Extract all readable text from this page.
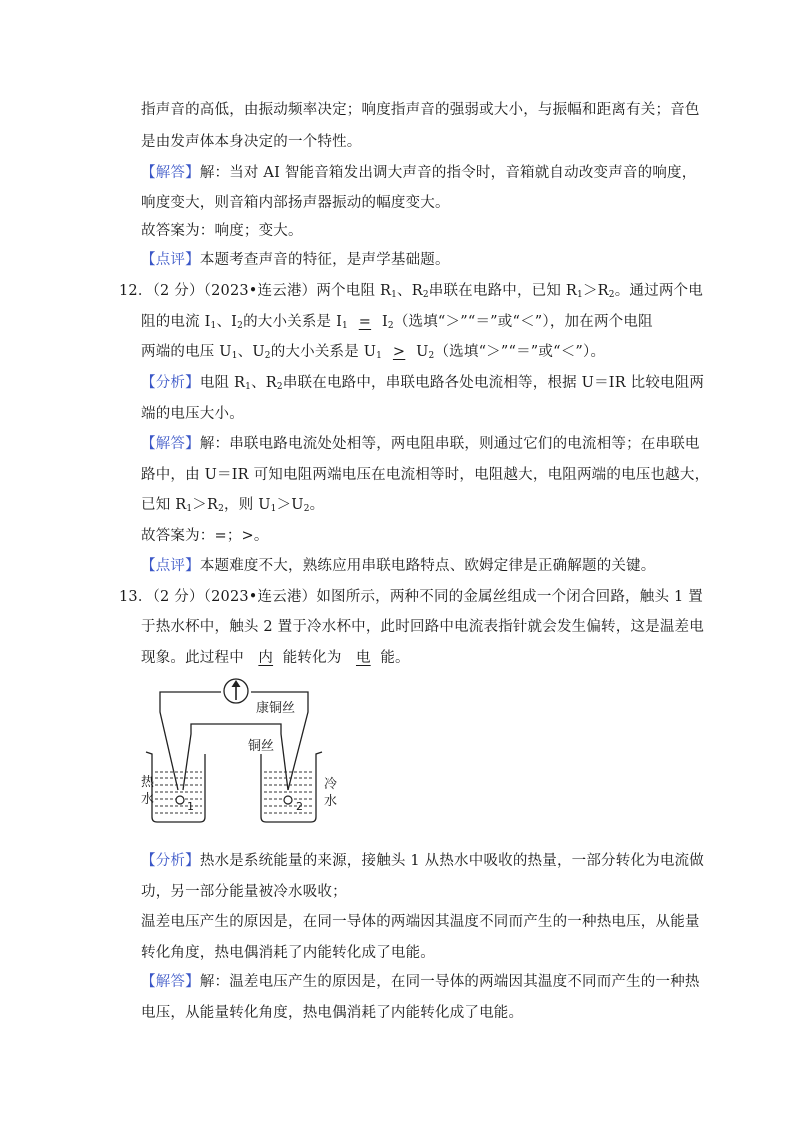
指声音的高低，由振动频率决定；响度指声音的强弱或大小，与振幅和距离有关；音色
是由发声体本身决定的一个特性。
【解答】解：当对 AI 智能音箱发出调大声音的指令时，音箱就自动改变声音的响度，
响度变大，则音箱内部扬声器振动的幅度变大。
故答案为：响度；变大。
【点评】本题考查声音的特征，是声学基础题。
12．（2 分）（2023•连云港）两个电阻 $R_1$、$R_2$串联在电路中，已知 $R_1>R_2$。通过两个电
阻的电流 $I_1$、$I_2$的大小关系是 $I_1 = I_2$（选填“＞”“＝”或“＜”），加在两个电阻
两端的电压 $U_1$、$U_2$的大小关系是 $U_1 > U_2$（选填“＞”“＝”或“＜”）。
【分析】电阻 $R_1$、$R_2$串联在电路中，串联电路各处电流相等，根据 U＝IR 比较电阻两
端的电压大小。
【解答】解：串联电路电流处处相等，两电阻串联，则通过它们的电流相等；在串联电
路中，由 U＝IR 可知电阻两端电压在电流相等时，电阻越大，电阻两端的电压也越大，
已知 $R_1>R_2$，则 $U_1>U_2$。
故答案为：=；>。
【点评】本题难度不大，熟练应用串联电路特点、欧姆定律是正确解题的关键。
13．（2 分）（2023•连云港）如图所示，两种不同的金属丝组成一个闭合回路，触头 1 置
于热水杯中，触头 2 置于冷水杯中，此时回路中电流表指针就会发生偏转，这是温差电
现象。此过程中 内 能转化为 电 能。
康铜丝
铜丝
热水
冷水
1	2
【分析】热水是系统能量的来源，接触头 1 从热水中吸收的热量，一部分转化为电流做
功，另一部分能量被冷水吸收；
温差电压产生的原因是，在同一导体的两端因其温度不同而产生的一种热电压，从能量
转化角度，热电偶消耗了内能转化成了电能。
【解答】解：温差电压产生的原因是，在同一导体的两端因其温度不同而产生的一种热
电压，从能量转化角度，热电偶消耗了内能转化成了电能。
